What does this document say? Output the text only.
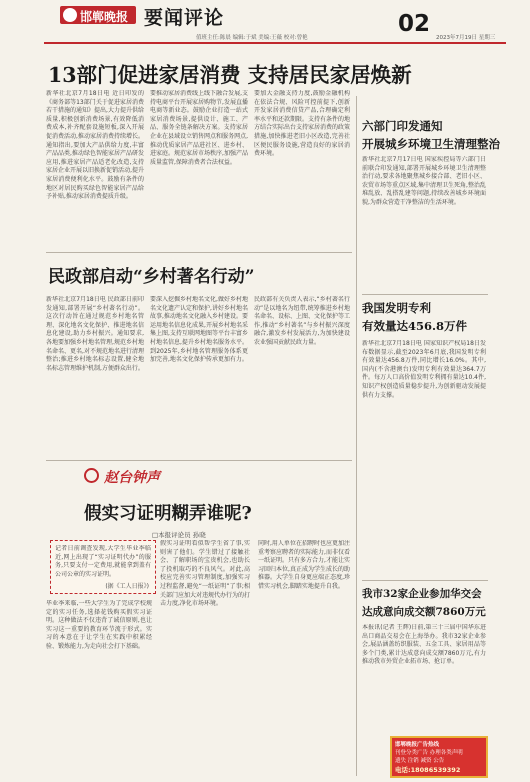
邯郸晚报 要闻评论	02
2023年7月19日 星期三
值班主任:陈晨 编辑:于斌 美编:王薇 校对:曾艳
13部门促进家居消费 支持居民家居焕新
新华社北京7月18日电 近日印发的《商务部等13部门关于促进家居消费若干措施的通知》提出,大力提升供给质量,积极创新消费场景,有效降低消费成本,补齐配套设施短板,深入开展促消费活动,推动家居消费持续增长。通知指出,要加大产品供给力度,丰富产品品类,推动绿色智能家居产品研发应用,推进家居产品适老化改造,支持家居企业开展以旧换新促销活动,提升家居消费便利化水平。鼓励有条件的地区对居民购买绿色智能家居产品给予补贴,推动家居消费提质升级。
要推动家居消费线上线下融合发展,支持电商平台开展家居购物节,发展直播电商等新业态。鼓励企业打造一站式家居消费场景,提供设计、施工、产品、服务全链条解决方案。支持家居企业在县域设立销售网点和服务网点,推动优质家居产品进社区、进乡村、进家庭。规范家居市场秩序,加强产品质量监管,保障消费者合法权益。
要加大金融支持力度,鼓励金融机构在依法合规、风险可控前提下,创新开发家居消费信贷产品,合理确定利率水平和还款期限。支持有条件的地方结合实际出台支持家居消费的政策措施,加快推进老旧小区改造,完善社区便民服务设施,营造良好的家居消费环境。
民政部启动“乡村著名行动”
新华社北京7月18日电 民政部日前印发通知,部署开展“乡村著名行动”。这次行动旨在通过规范乡村地名管理、深化地名文化保护、推进地名信息化建设,助力乡村振兴。通知要求,各地要加强乡村地名管理,规范乡村地名命名、更名,对不规范地名进行清理整治;推进乡村地名标志设置,健全地名标志管理维护机制,方便群众出行。
要深入挖掘乡村地名文化,做好乡村地名文化遗产认定和保护,讲好乡村地名故事,推动地名文化融入乡村建设。要运用地名信息化成果,开展乡村地名采集上图,支持互联网地图等平台丰富乡村地名信息,提升乡村地名服务水平。到2025年,乡村地名管理服务体系更加完善,地名文化保护传承更加有力。
民政部有关负责人表示,“乡村著名行动”是以地名为纽带,统筹推进乡村地名命名、设标、上图、文化保护等工作,推动“乡村著名”与乡村振兴深度融合,激发乡村发展活力,为加快建设农业强国贡献民政力量。
赵台钟声
假实习证明糊弄谁呢?
□本报评论员 孙晓
记者日前调查发现,大学生毕业季临近,网上出现了“实习证明代办”的服务,只要支付一定费用,就能拿到盖有公司公章的实习证明。
(据《工人日报》)
毕业季来临,一些大学生为了完成学校规定的实习任务,选择花钱购买假实习证明。这种做法不仅违背了诚信原则,也让实习这一重要的教育环节流于形式。实习的本意在于让学生在实践中积累经验、锻炼能力,为走向社会打下基础。
假实习证明看似帮学生省了事,实则害了他们。学生错过了接触社会、了解职场的宝贵机会,也助长了投机取巧的不良风气。对此,高校应完善实习管理制度,加强实习过程监督,避免“一纸证明”了事;相关部门应加大对违规代办行为的打击力度,净化市场环境。
同时,用人单位在招聘时也应更加注重考察应聘者的实际能力,而非仅看一纸证明。只有多方合力,才能让实习回归本位,真正成为学生成长的助推器。大学生自身更应端正态度,珍惜实习机会,脚踏实地提升自我。
六部门印发通知
开展城乡环境卫生清理整治
新华社北京7月17日电 国家疾控局等六部门日前联合印发通知,部署开展城乡环境卫生清理整治行动,要求各地聚焦城乡接合部、老旧小区、农贸市场等重点区域,集中清理卫生死角,整治乱堆乱放、乱搭乱建等问题,持续改善城乡环境面貌,为群众营造干净整洁的生活环境。
我国发明专利
有效量达456.8万件
新华社北京7月18日电 国家知识产权局18日发布数据显示,截至2023年6月底,我国发明专利有效量达456.8万件,同比增长16.0%。其中,国内(不含港澳台)发明专利有效量达364.7万件。每万人口高价值发明专利拥有量达10.4件,知识产权创造质量稳步提升,为创新驱动发展提供有力支撑。
我市32家企业参加华交会
达成意向成交额7860万元
本报讯(记者 王辉)日前,第三十三届中国华东进出口商品交易会在上海举办。我市32家企业参会,展品涵盖纺织服装、五金工具、家居用品等多个门类,累计达成意向成交额7860万元,有力推动我市外贸企业拓市场、抢订单。
邯郸晚报广告热线
刊登分类广告 办理各类声明
遗失 注销 减资 公告
电话:18086539392
